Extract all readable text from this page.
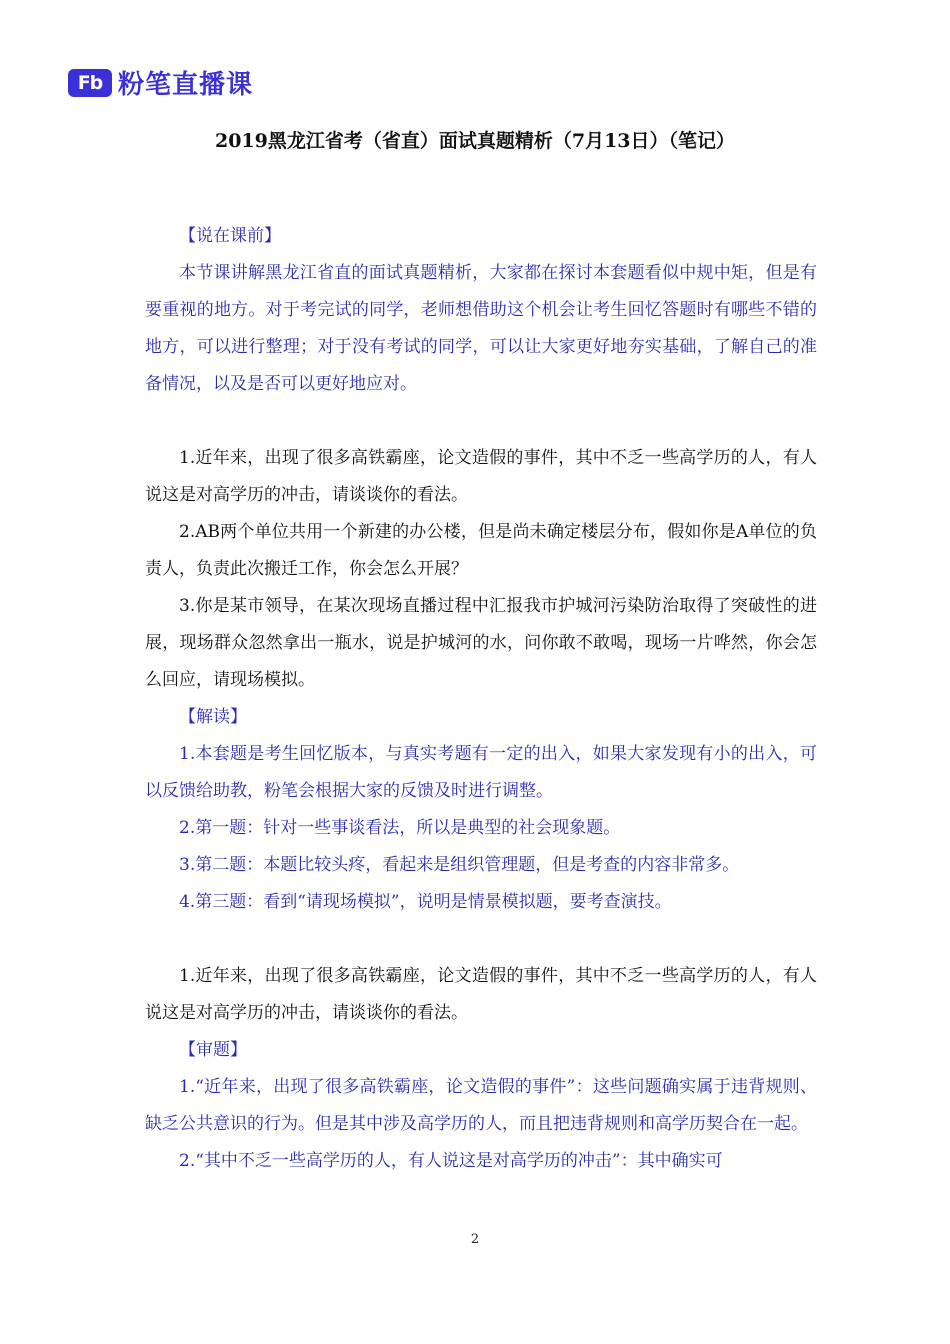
Fb 粉笔直播课
2019黑龙江省考（省直）面试真题精析（7月13日）（笔记）

【说在课前】

本节课讲解黑龙江省直的面试真题精析，大家都在探讨本套题看似中规中矩，但是有要重视的地方。对于考完试的同学，老师想借助这个机会让考生回忆答题时有哪些不错的地方，可以进行整理；对于没有考试的同学，可以让大家更好地夯实基础，了解自己的准备情况，以及是否可以更好地应对。

1.近年来，出现了很多高铁霸座，论文造假的事件，其中不乏一些高学历的人，有人说这是对高学历的冲击，请谈谈你的看法。

2.AB两个单位共用一个新建的办公楼，但是尚未确定楼层分布，假如你是A单位的负责人，负责此次搬迁工作，你会怎么开展？

3.你是某市领导，在某次现场直播过程中汇报我市护城河污染防治取得了突破性的进展，现场群众忽然拿出一瓶水，说是护城河的水，问你敢不敢喝，现场一片哗然，你会怎么回应，请现场模拟。

【解读】

1.本套题是考生回忆版本，与真实考题有一定的出入，如果大家发现有小的出入，可以反馈给助教，粉笔会根据大家的反馈及时进行调整。

2.第一题：针对一些事谈看法，所以是典型的社会现象题。

3.第二题：本题比较头疼，看起来是组织管理题，但是考查的内容非常多。

4.第三题：看到“请现场模拟”，说明是情景模拟题，要考查演技。

1.近年来，出现了很多高铁霸座，论文造假的事件，其中不乏一些高学历的人，有人说这是对高学历的冲击，请谈谈你的看法。

【审题】

1.“近年来，出现了很多高铁霸座，论文造假的事件”：这些问题确实属于违背规则、缺乏公共意识的行为。但是其中涉及高学历的人，而且把违背规则和高学历契合在一起。

2.“其中不乏一些高学历的人，有人说这是对高学历的冲击”：其中确实可

2
